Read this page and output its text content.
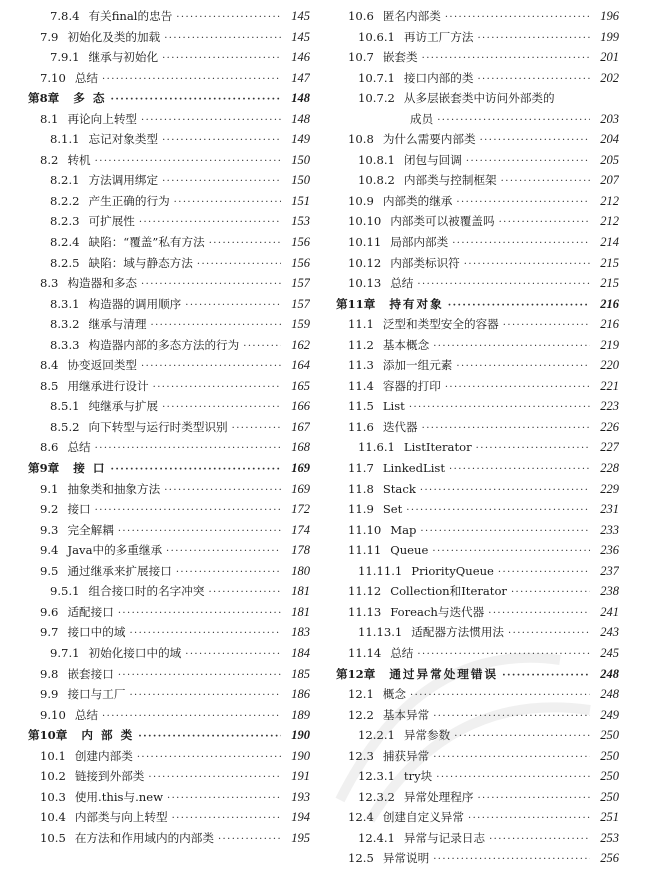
7.8.4 有关final的忠告 ·····	145
7.9 初始化及类的加载 ·····	145
7.9.1 继承与初始化 ·····	146
7.10 总结 ·····	147
第8章 多 态 ·····	148
8.1 再论向上转型 ·····	148
8.1.1 忘记对象类型 ·····	149
8.2 转机 ·····	150
8.2.1 方法调用绑定 ·····	150
8.2.2 产生正确的行为 ·····	151
8.2.3 可扩展性 ·····	153
8.2.4 缺陷：“覆盖”私有方法 ·····	156
8.2.5 缺陷：域与静态方法 ·····	156
8.3 构造器和多态 ·····	157
8.3.1 构造器的调用顺序 ·····	157
8.3.2 继承与清理 ·····	159
8.3.3 构造器内部的多态方法的行为 ·····	162
8.4 协变返回类型 ·····	164
8.5 用继承进行设计 ·····	165
8.5.1 纯继承与扩展 ·····	166
8.5.2 向下转型与运行时类型识别 ·····	167
8.6 总结 ·····	168
第9章 接 口 ·····	169
9.1 抽象类和抽象方法 ·····	169
9.2 接口 ·····	172
9.3 完全解耦 ·····	174
9.4 Java中的多重继承 ·····	178
9.5 通过继承来扩展接口 ·····	180
9.5.1 组合接口时的名字冲突 ·····	181
9.6 适配接口 ·····	181
9.7 接口中的域 ·····	183
9.7.1 初始化接口中的域 ·····	184
9.8 嵌套接口 ·····	185
9.9 接口与工厂 ·····	186
9.10 总结 ·····	189
第10章 内 部 类 ·····	190
10.1 创建内部类 ·····	190
10.2 链接到外部类 ·····	191
10.3 使用.this与.new ·····	193
10.4 内部类与向上转型 ·····	194
10.5 在方法和作用域内的内部类 ·····	195
10.6 匿名内部类 ·····	196
10.6.1 再访工厂方法 ·····	199
10.7 嵌套类 ·····	201
10.7.1 接口内部的类 ·····	202
10.7.2 从多层嵌套类中访问外部类的
成员 ·····	203
10.8 为什么需要内部类 ·····	204
10.8.1 闭包与回调 ·····	205
10.8.2 内部类与控制框架 ·····	207
10.9 内部类的继承 ·····	212
10.10 内部类可以被覆盖吗 ·····	212
10.11 局部内部类 ·····	214
10.12 内部类标识符 ·····	215
10.13 总结 ·····	215
第11章 持有对象 ·····	216
11.1 泛型和类型安全的容器 ·····	216
11.2 基本概念 ·····	219
11.3 添加一组元素 ·····	220
11.4 容器的打印 ·····	221
11.5 List ·····	223
11.6 迭代器 ·····	226
11.6.1 ListIterator ·····	227
11.7 LinkedList ·····	228
11.8 Stack ·····	229
11.9 Set ·····	231
11.10 Map ·····	233
11.11 Queue ·····	236
11.11.1 PriorityQueue ·····	237
11.12 Collection和Iterator ·····	238
11.13 Foreach与迭代器 ·····	241
11.13.1 适配器方法惯用法 ·····	243
11.14 总结 ·····	245
第12章 通过异常处理错误 ·····	248
12.1 概念 ·····	248
12.2 基本异常 ·····	249
12.2.1 异常参数 ·····	250
12.3 捕获异常 ·····	250
12.3.1 try块 ·····	250
12.3.2 异常处理程序 ·····	250
12.4 创建自定义异常 ·····	251
12.4.1 异常与记录日志 ·····	253
12.5 异常说明 ·····	256
